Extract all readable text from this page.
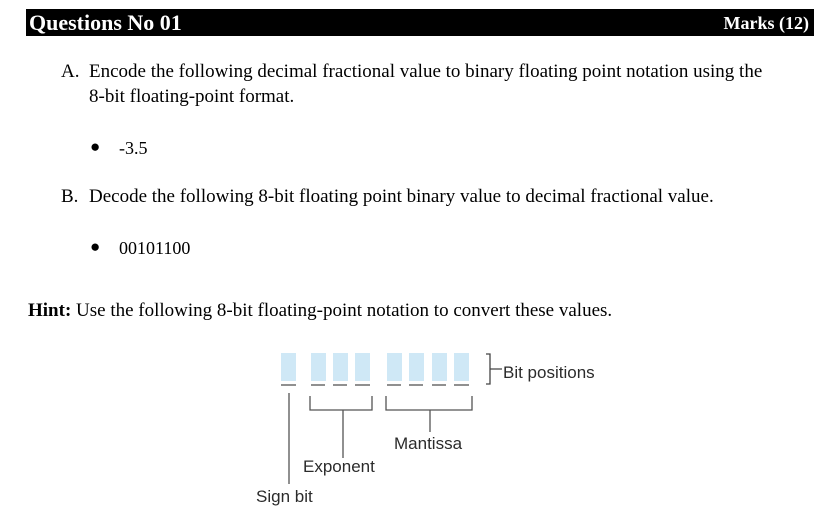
Questions No 01	Marks (12)
A. Encode the following decimal fractional value to binary floating point notation using the
8-bit floating-point format.
● -3.5
B. Decode the following 8-bit floating point binary value to decimal fractional value.
● 00101100
Hint: Use the following 8-bit floating-point notation to convert these values.
Bit positions
Mantissa
Exponent
Sign bit
